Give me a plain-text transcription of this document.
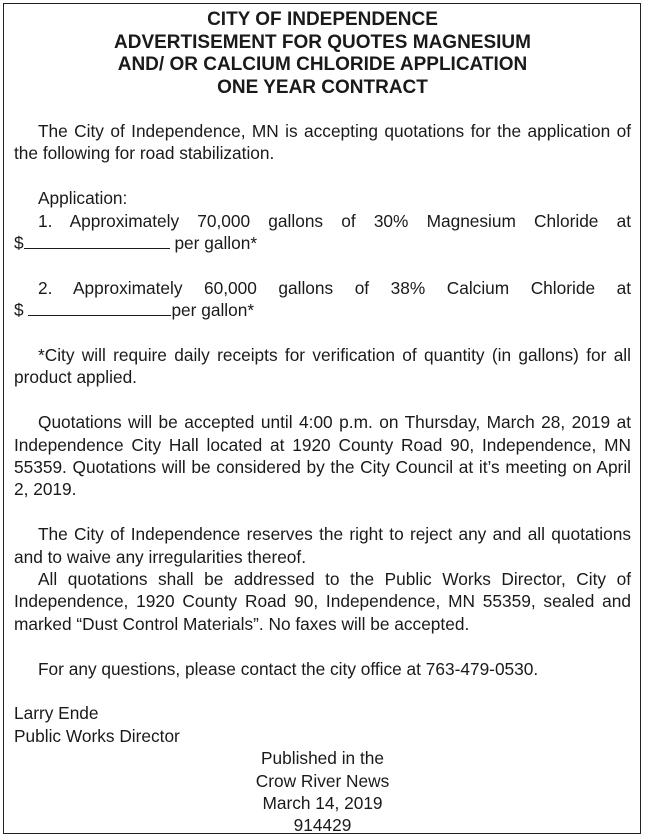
CITY OF INDEPENDENCE
ADVERTISEMENT FOR QUOTES MAGNESIUM
AND/ OR CALCIUM CHLORIDE APPLICATION
ONE YEAR CONTRACT

The City of Independence, MN is accepting quotations for the application of the following for road stabilization.

Application:

1. Approximately 70,000 gallons of 30% Magnesium Chloride at

$	per gallon*

2. Approximately 60,000 gallons of 38% Calcium Chloride at

$	per gallon*

*City will require daily receipts for verification of quantity (in gallons) for all product applied.

Quotations will be accepted until 4:00 p.m. on Thursday, March 28, 2019 at Independence City Hall located at 1920 County Road 90, Independence, MN 55359. Quotations will be considered by the City Council at it’s meeting on April 2, 2019.

The City of Independence reserves the right to reject any and all quotations and to waive any irregularities thereof.

All quotations shall be addressed to the Public Works Director, City of Independence, 1920 County Road 90, Independence, MN 55359, sealed and marked “Dust Control Materials”. No faxes will be accepted.

For any questions, please contact the city office at 763-479-0530.

Larry Ende

Public Works Director

Published in the
Crow River News
March 14, 2019
914429
